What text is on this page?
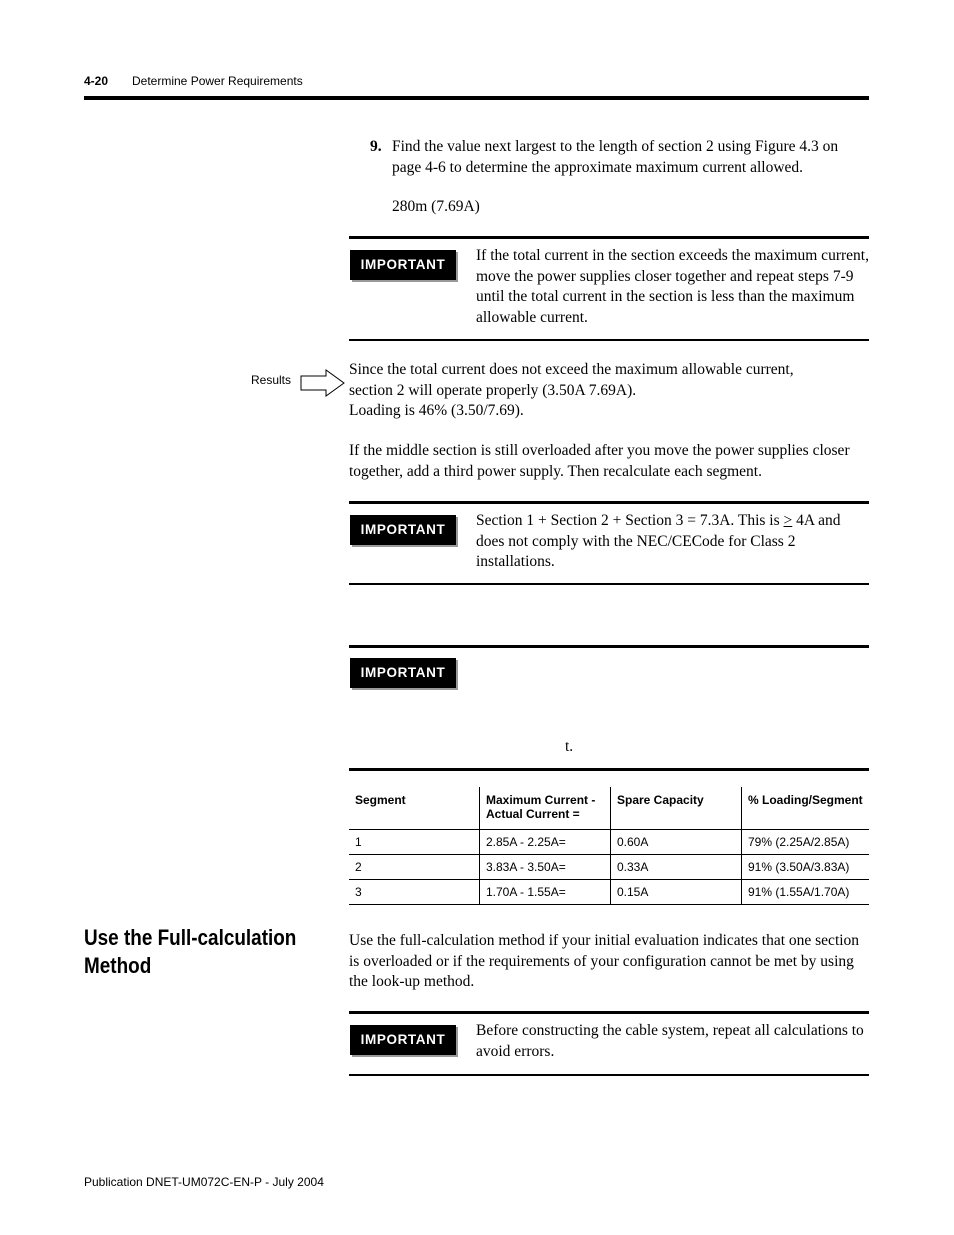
4-20 Determine Power Requirements
9. Find the value next largest to the length of section 2 using Figure 4.3 on page 4-6 to determine the approximate maximum current allowed.
280m (7.69A)
IMPORTANT
If the total current in the section exceeds the maximum current, move the power supplies closer together and repeat steps 7-9 until the total current in the section is less than the maximum allowable current.
Results
Since the total current does not exceed the maximum allowable current,
section 2 will operate properly (3.50A 7.69A).
Loading is 46% (3.50/7.69).
If the middle section is still overloaded after you move the power supplies closer together, add a third power supply. Then recalculate each segment.
IMPORTANT
Section 1 + Section 2 + Section 3 = 7.3A. This is ≥ 4A and does not comply with the NEC/CECode for Class 2 installations.
IMPORTANT
t.
Segment	Maximum Current - Actual Current =	Spare Capacity	% Loading/Segment
1	2.85A - 2.25A=	0.60A	79% (2.25A/2.85A)
2	3.83A - 3.50A=	0.33A	91% (3.50A/3.83A)
3	1.70A - 1.55A=	0.15A	91% (1.55A/1.70A)
Use the Full-calculation Method
Use the full-calculation method if your initial evaluation indicates that one section is overloaded or if the requirements of your configuration cannot be met by using the look-up method.
IMPORTANT
Before constructing the cable system, repeat all calculations to avoid errors.
Publication DNET-UM072C-EN-P - July 2004
